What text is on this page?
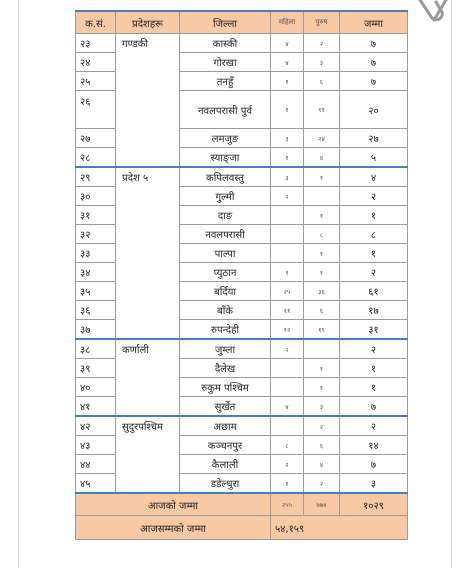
क.सं.	प्रदेशहरू	जिल्ला	महिला	पुरुष	जम्मा
२३	गण्डकी	कास्की	४	२	७
२४		गोरखा	४	३	७
२५		तनहुँ	१	६	७
२६		नवलपरासी पुर्व	१	११	२०
२७		लमजुङ	३	२४	२७
२८		स्याङ्जा	१	४	५
२९	प्रदेश ५	कपिलवस्तु	३	१	४
३०		गुल्मी	२		२
३१		दाङ		१	१
३२		नवलपरासी		८	८
३३		पाल्पा		१	१
३४		प्युठान	१	१	२
३५		बर्दिया	२५	३६	६१
३६		बाँके	११	६	१७
३७		रुपन्देही	१२	१९	३१
३८	कर्णाली	जुम्ला	२		२
३९		दैलेख		१	१
४०		रुकुम पश्चिम		१	१
४१		सुर्खेत	४	३	७
४२	सुदुरपश्चिम	अछाम		२	२
४३		कञ्चनपुर	८	६	१४
४४		कैलाली	२	४	७
४५		डडेल्धुरा	१	२	३
आजको जम्मा			२५५	७७४	१०२९
आजसम्मको जम्मा			५४,१५९		
